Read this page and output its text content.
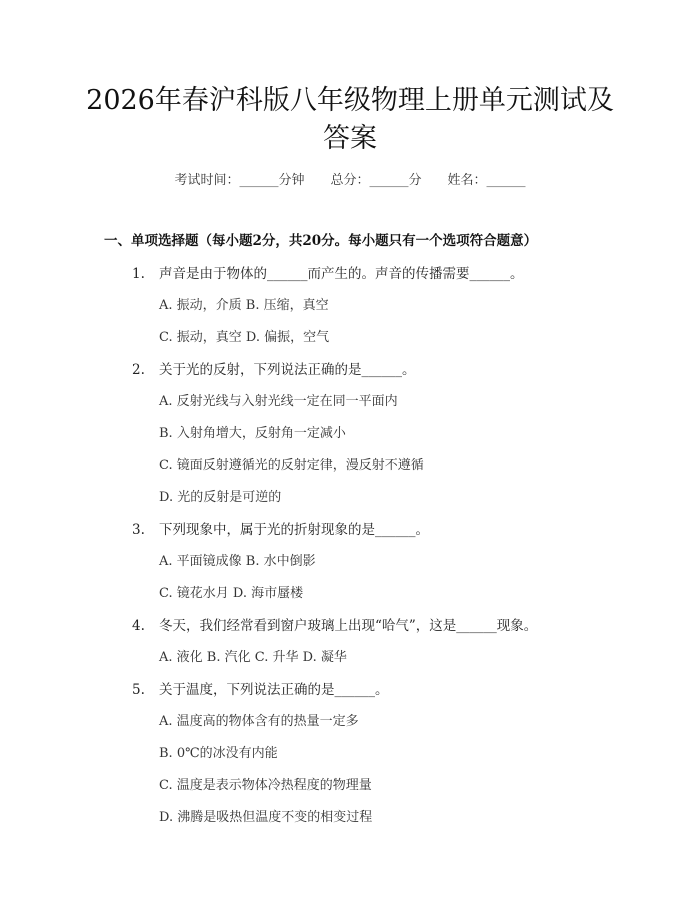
2026年春沪科版八年级物理上册单元测试及
答案
考试时间：______分钟 总分：______分 姓名：______
一、单项选择题（每小题2分，共20分。每小题只有一个选项符合题意）
1. 声音是由于物体的______而产生的。声音的传播需要______。
A. 振动，介质 B. 压缩，真空
C. 振动，真空 D. 偏振，空气
2. 关于光的反射，下列说法正确的是______。
A. 反射光线与入射光线一定在同一平面内
B. 入射角增大，反射角一定减小
C. 镜面反射遵循光的反射定律，漫反射不遵循
D. 光的反射是可逆的
3. 下列现象中，属于光的折射现象的是______。
A. 平面镜成像 B. 水中倒影
C. 镜花水月 D. 海市蜃楼
4. 冬天，我们经常看到窗户玻璃上出现“哈气”，这是______现象。
A. 液化 B. 汽化 C. 升华 D. 凝华
5. 关于温度，下列说法正确的是______。
A. 温度高的物体含有的热量一定多
B. 0℃的冰没有内能
C. 温度是表示物体冷热程度的物理量
D. 沸腾是吸热但温度不变的相变过程
